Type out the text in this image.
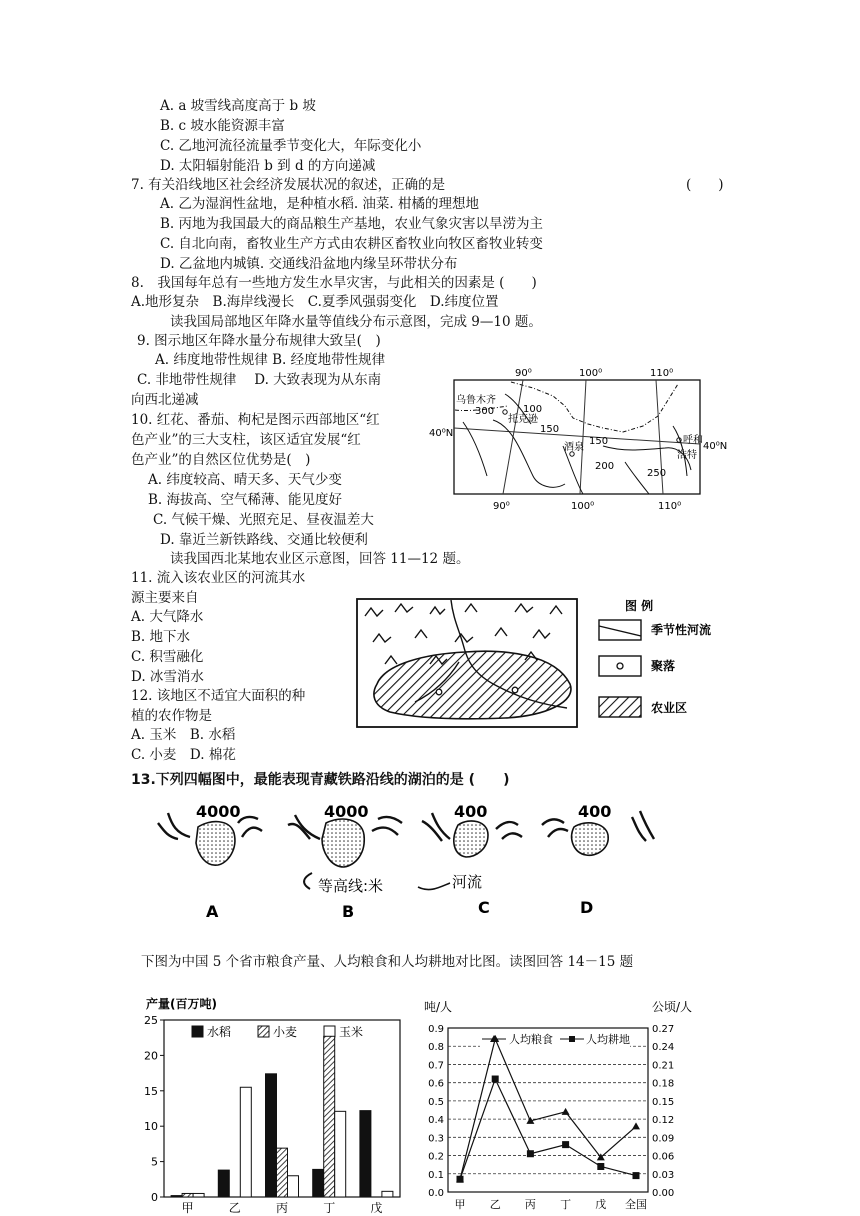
A. a 坡雪线高度高于 b 坡
B. c 坡水能资源丰富
C. 乙地河流径流量季节变化大，年际变化小
D. 太阳辐射能沿 b 到 d 的方向递减
7. 有关沿线地区社会经济发展状况的叙述，正确的是	(　　)
A. 乙为湿润性盆地，是种植水稻. 油菜. 柑橘的理想地
B. 丙地为我国最大的商品粮生产基地，农业气象灾害以旱涝为主
C. 自北向南，畜牧业生产方式由农耕区畜牧业向牧区畜牧业转变
D. 乙盆地内城镇. 交通线沿盆地内缘呈环带状分布
8.　我国每年总有一些地方发生水旱灾害，与此相关的因素是 (　　)
A.地形复杂　B.海岸线漫长　C.夏季风强弱变化　D.纬度位置
读我国局部地区年降水量等值线分布示意图，完成 9—10 题。
9. 图示地区年降水量分布规律大致呈(　)
A. 纬度地带性规律 B. 经度地带性规律
C. 非地带性规律　 D. 大致表现为从东南
向西北递减
10. 红花、番茄、枸杞是图示西部地区“红
色产业”的三大支柱，该区适宜发展“红
色产业”的自然区位优势是(　)
A. 纬度较高、晴天多、天气少变
B. 海拔高、空气稀薄、能见度好
C. 气候干燥、光照充足、昼夜温差大
D. 靠近兰新铁路线、交通比较便利
读我国西北某地农业区示意图，回答 11—12 题。
11. 流入该农业区的河流其水
源主要来自
A. 大气降水
B. 地下水
C. 积雪融化
D. 冰雪消水
12. 该地区不适宜大面积的种
植的农作物是
A. 玉米　B. 水稻
C. 小麦　D. 棉花
下图为中国 5 个省市粮食产量、人均粮食和人均耕地对比图。读图回答 14－15 题
90⁰	100⁰	110⁰
90⁰	100⁰	110⁰
40⁰N
40⁰N
乌鲁木齐
托克逊
酒泉
呼和
浩特
300	100
150
150
200
250
图 例
季节性河流
聚落
农业区
13.下列四幅图中，最能表现青藏铁路沿线的湖泊的是 (　　)
4000	4000	400	400
等高线:米	河流
A	B	C	D
产量(百万吨)
水稻	小麦	玉米
0
5
10
15
20
25
甲	乙	丙	丁	戊
吨/人	公顷/人
0.0	0.00
0.1	0.03
0.2	0.06
0.3	0.09
0.4	0.12
0.5	0.15
0.6	0.18
0.7	0.21
0.8	0.24
0.9	0.27
人均粮食	人均耕地
甲 乙 丙 丁 戊 全国
